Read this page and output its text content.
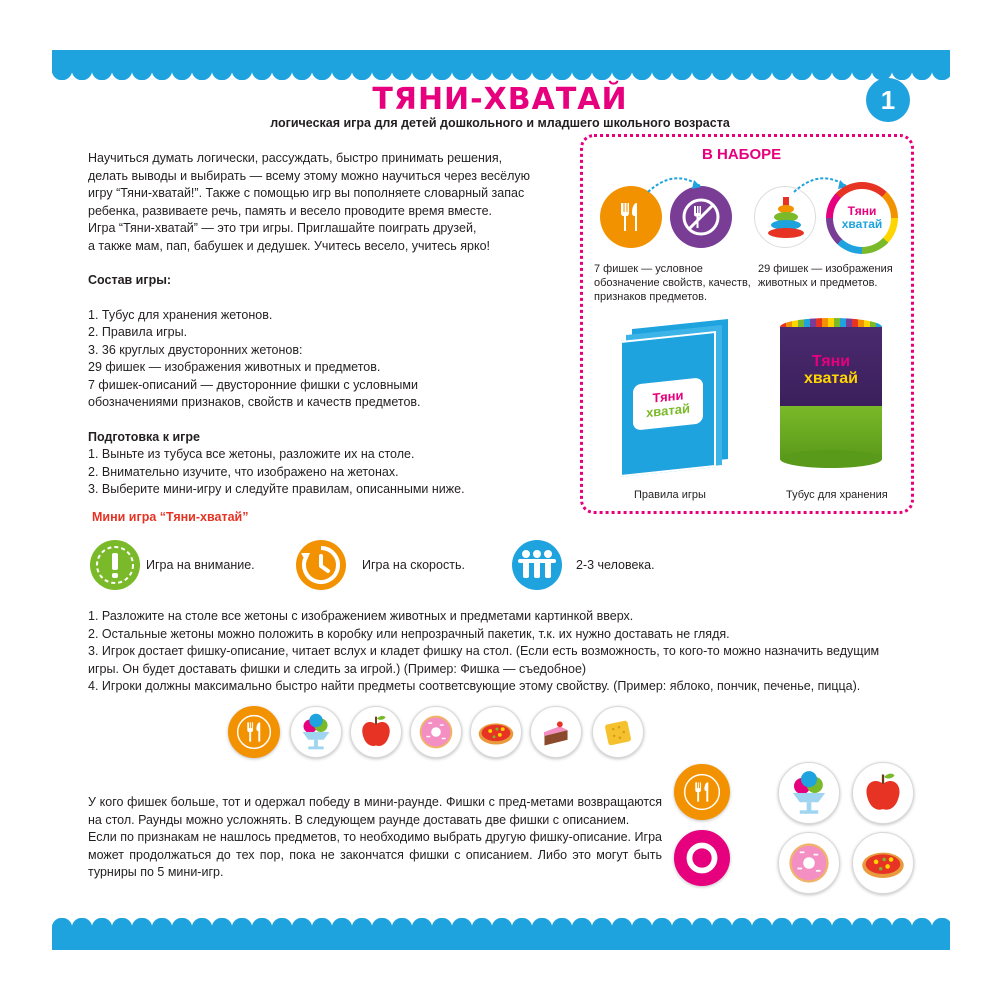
1
ТЯНИ-ХВАТАЙ
логическая игра для детей дошкольного и младшего школьного возраста
Научиться думать логически, рассуждать, быстро принимать решения,
делать выводы и выбирать — всему этому можно научиться через весёлую
игру “Тяни-хватай!”. Также с помощью игр вы пополняете словарный запас
ребенка, развиваете речь, память и весело проводите время вместе.
Игра “Тяни-хватай” — это три игры. Приглашайте поиграть друзей,
а также мам, пап, бабушек и дедушек. Учитесь весело, учитесь ярко!
Состав игры:
1. Тубус для хранения жетонов.
2. Правила игры.
3. 36 круглых двусторонних жетонов:
29 фишек — изображения животных и предметов.
7 фишек-описаний — двусторонние фишки с условными
обозначениями признаков, свойств и качеств предметов.
Подготовка к игре
1. Выньте из тубуса все жетоны, разложите их на столе.
2. Внимательно изучите, что изображено на жетонах.
3. Выберите мини-игру и следуйте правилам, описанными ниже.
В НАБОРЕ
Тяни
хватай
7 фишек — условное
обозначение свойств, качеств,
признаков предметов.
29 фишек — изображения
животных и предметов.
Тяни
хватай
Правила игры
Тяни
хватай
Тубус для хранения
Мини игра “Тяни-хватай”
Игра на внимание.	Игра на скорость.	2-3 человека.
1. Разложите на столе все жетоны с изображением животных и предметами картинкой вверх.
2. Остальные жетоны можно положить в коробку или непрозрачный пакетик, т.к. их нужно доставать не глядя.
3. Игрок достает фишку-описание, читает вслух и кладет фишку на стол. (Если есть возможность, то кого-то можно назначить ведущим
игры. Он будет доставать фишки и следить за игрой.) (Пример: Фишка — съедобное)
4. Игроки должны максимально быстро найти предметы соответсвующие этому свойству. (Пример: яблоко, пончик, печенье, пицца).
У кого фишек больше, тот и одержал победу в мини-раунде. Фишки с пред-метами возвращаются на стол. Раунды можно усложнять. В следующем раунде доставать две фишки с описанием.
Если по признакам не нашлось предметов, то необходимо выбрать другую фишку-описание. Игра может продолжаться до тех пор, пока не закончатся фишки с описанием. Либо это могут быть турниры по 5 мини-игр.
